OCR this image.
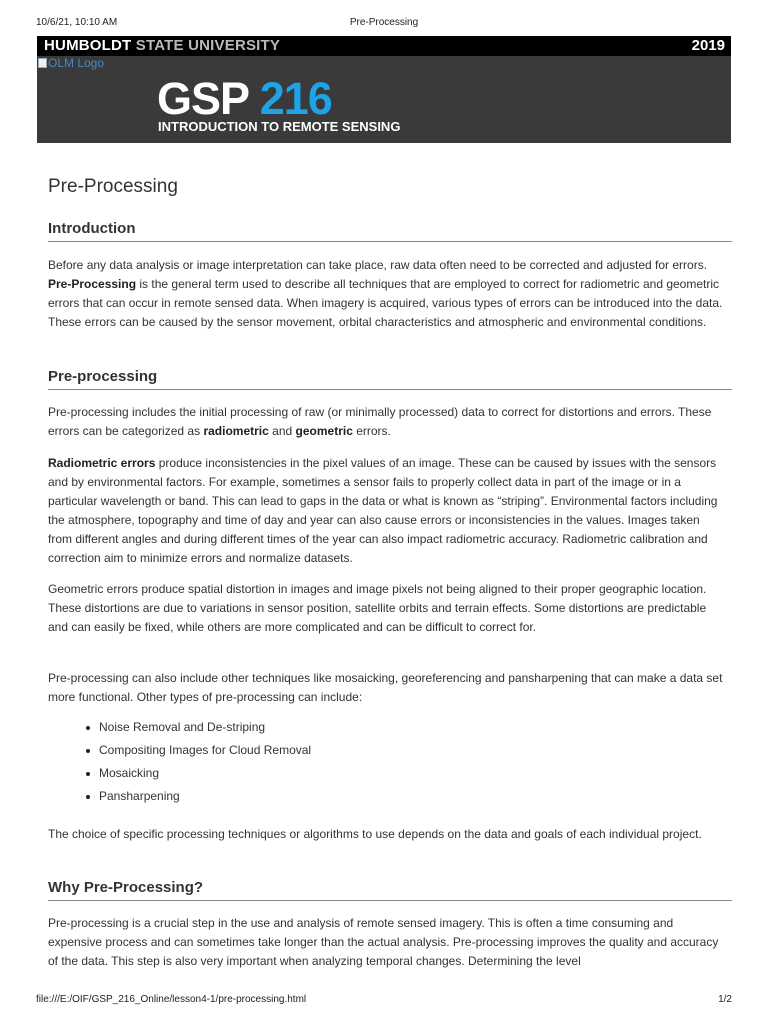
10/6/21, 10:10 AM	Pre-Processing
HUMBOLDT STATE UNIVERSITY	2019
OLM Logo
GSP 216
INTRODUCTION TO REMOTE SENSING
Pre-Processing
Introduction

Before any data analysis or image interpretation can take place, raw data often need to be corrected and adjusted for errors. Pre-Processing is the general term used to describe all techniques that are employed to correct for radiometric and geometric errors that can occur in remote sensed data. When imagery is acquired, various types of errors can be introduced into the data. These errors can be caused by the sensor movement, orbital characteristics and atmospheric and environmental conditions.

Pre-processing

Pre-processing includes the initial processing of raw (or minimally processed) data to correct for distortions and errors. These errors can be categorized as radiometric and geometric errors.

Radiometric errors produce inconsistencies in the pixel values of an image. These can be caused by issues with the sensors and by environmental factors. For example, sometimes a sensor fails to properly collect data in part of the image or in a particular wavelength or band. This can lead to gaps in the data or what is known as “striping”. Environmental factors including the atmosphere, topography and time of day and year can also cause errors or inconsistencies in the values. Images taken from different angles and during different times of the year can also impact radiometric accuracy. Radiometric calibration and correction aim to minimize errors and normalize datasets.

Geometric errors produce spatial distortion in images and image pixels not being aligned to their proper geographic location. These distortions are due to variations in sensor position, satellite orbits and terrain effects. Some distortions are predictable and can easily be fixed, while others are more complicated and can be difficult to correct for.

Pre-processing can also include other techniques like mosaicking, georeferencing and pansharpening that can make a data set more functional. Other types of pre-processing can include:

Noise Removal and De-striping
Compositing Images for Cloud Removal
Mosaicking
Pansharpening

The choice of specific processing techniques or algorithms to use depends on the data and goals of each individual project.

Why Pre-Processing?

Pre-processing is a crucial step in the use and analysis of remote sensed imagery. This is often a time consuming and expensive process and can sometimes take longer than the actual analysis. Pre-processing improves the quality and accuracy of the data. This step is also very important when analyzing temporal changes. Determining the level

file:///E:/OIF/GSP_216_Online/lesson4-1/pre-processing.html	1/2
